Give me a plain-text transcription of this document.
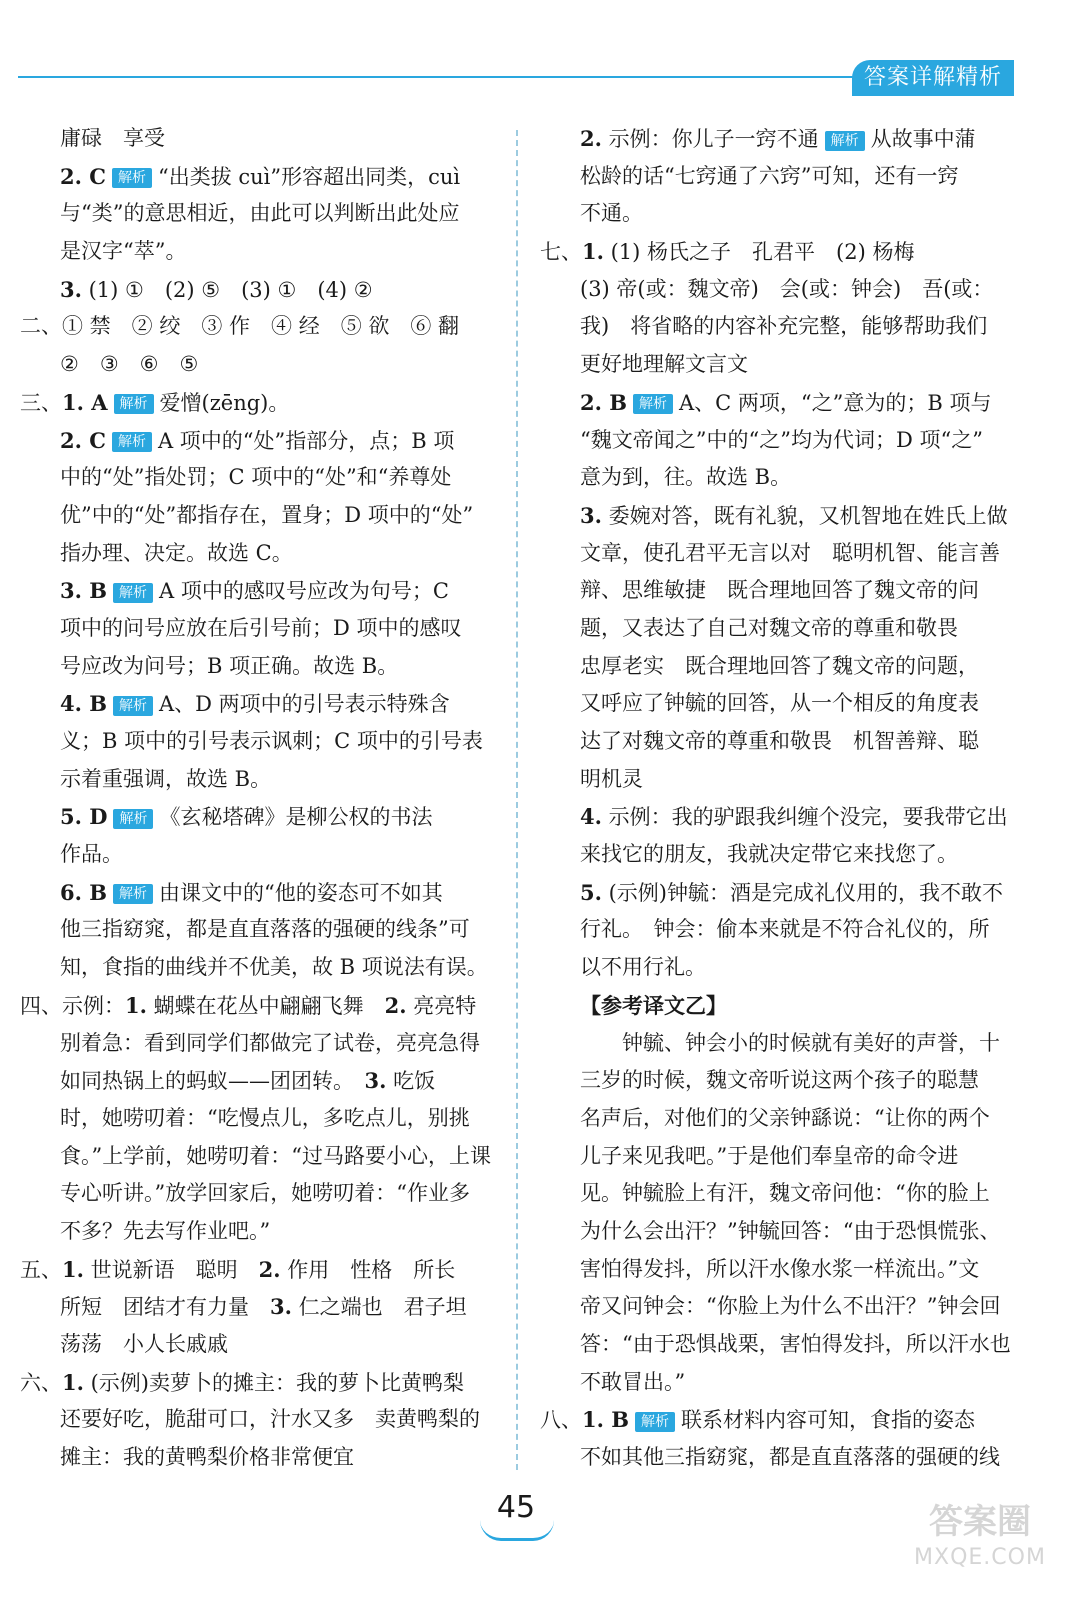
答案详解精析
庸碌　享受
2. C 解析 “出类拔 cuì”形容超出同类，cuì
与“类”的意思相近，由此可以判断出此处应
是汉字“萃”。
3. (1) ①　(2) ⑤　(3) ①　(4) ②
二、① 禁　② 绞　③ 作　④ 经　⑤ 欲　⑥ 翻
②　③　⑥　⑤
三、1. A 解析 爱憎(zēng)。
2. C 解析 A 项中的“处”指部分，点；B 项
中的“处”指处罚；C 项中的“处”和“养尊处
优”中的“处”都指存在，置身；D 项中的“处”
指办理、决定。故选 C。
3. B 解析 A 项中的感叹号应改为句号；C
项中的问号应放在后引号前；D 项中的感叹
号应改为问号；B 项正确。故选 B。
4. B 解析 A、D 两项中的引号表示特殊含
义；B 项中的引号表示讽刺；C 项中的引号表
示着重强调，故选 B。
5. D 解析 《玄秘塔碑》是柳公权的书法
作品。
6. B 解析 由课文中的“他的姿态可不如其
他三指窈窕，都是直直落落的强硬的线条”可
知，食指的曲线并不优美，故 B 项说法有误。
四、示例：1. 蝴蝶在花丛中翩翩飞舞　2. 亮亮特
别着急：看到同学们都做完了试卷，亮亮急得
如同热锅上的蚂蚁——团团转。　3. 吃饭
时，她唠叨着：“吃慢点儿，多吃点儿，别挑
食。”上学前，她唠叨着：“过马路要小心，上课
专心听讲。”放学回家后，她唠叨着：“作业多
不多？先去写作业吧。”
五、1. 世说新语　聪明　2. 作用　性格　所长
所短　团结才有力量　3. 仁之端也　君子坦
荡荡　小人长戚戚
六、1. (示例)卖萝卜的摊主：我的萝卜比黄鸭梨
还要好吃，脆甜可口，汁水又多　卖黄鸭梨的
摊主：我的黄鸭梨价格非常便宜
2. 示例：你儿子一窍不通 解析 从故事中蒲
松龄的话“七窍通了六窍”可知，还有一窍
不通。
七、1. (1) 杨氏之子　孔君平　(2) 杨梅
(3) 帝(或：魏文帝)　会(或：钟会)　吾(或：
我)　将省略的内容补充完整，能够帮助我们
更好地理解文言文
2. B 解析 A、C 两项，“之”意为的；B 项与
“魏文帝闻之”中的“之”均为代词；D 项“之”
意为到，往。故选 B。
3. 委婉对答，既有礼貌，又机智地在姓氏上做
文章，使孔君平无言以对　聪明机智、能言善
辩、思维敏捷　既合理地回答了魏文帝的问
题，又表达了自己对魏文帝的尊重和敬畏
忠厚老实　既合理地回答了魏文帝的问题，
又呼应了钟毓的回答，从一个相反的角度表
达了对魏文帝的尊重和敬畏　机智善辩、聪
明机灵
4. 示例：我的驴跟我纠缠个没完，要我带它出
来找它的朋友，我就决定带它来找您了。
5. (示例)钟毓：酒是完成礼仪用的，我不敢不
行礼。　钟会：偷本来就是不符合礼仪的，所
以不用行礼。
【参考译文乙】
　　钟毓、钟会小的时候就有美好的声誉，十
三岁的时候，魏文帝听说这两个孩子的聪慧
名声后，对他们的父亲钟繇说：“让你的两个
儿子来见我吧。”于是他们奉皇帝的命令进
见。钟毓脸上有汗，魏文帝问他：“你的脸上
为什么会出汗？”钟毓回答：“由于恐惧慌张、
害怕得发抖，所以汗水像水浆一样流出。”文
帝又问钟会：“你脸上为什么不出汗？”钟会回
答：“由于恐惧战栗，害怕得发抖，所以汗水也
不敢冒出。”
八、1. B 解析 联系材料内容可知，食指的姿态
不如其他三指窈窕，都是直直落落的强硬的线
45	答案圈
MXQE.COM
